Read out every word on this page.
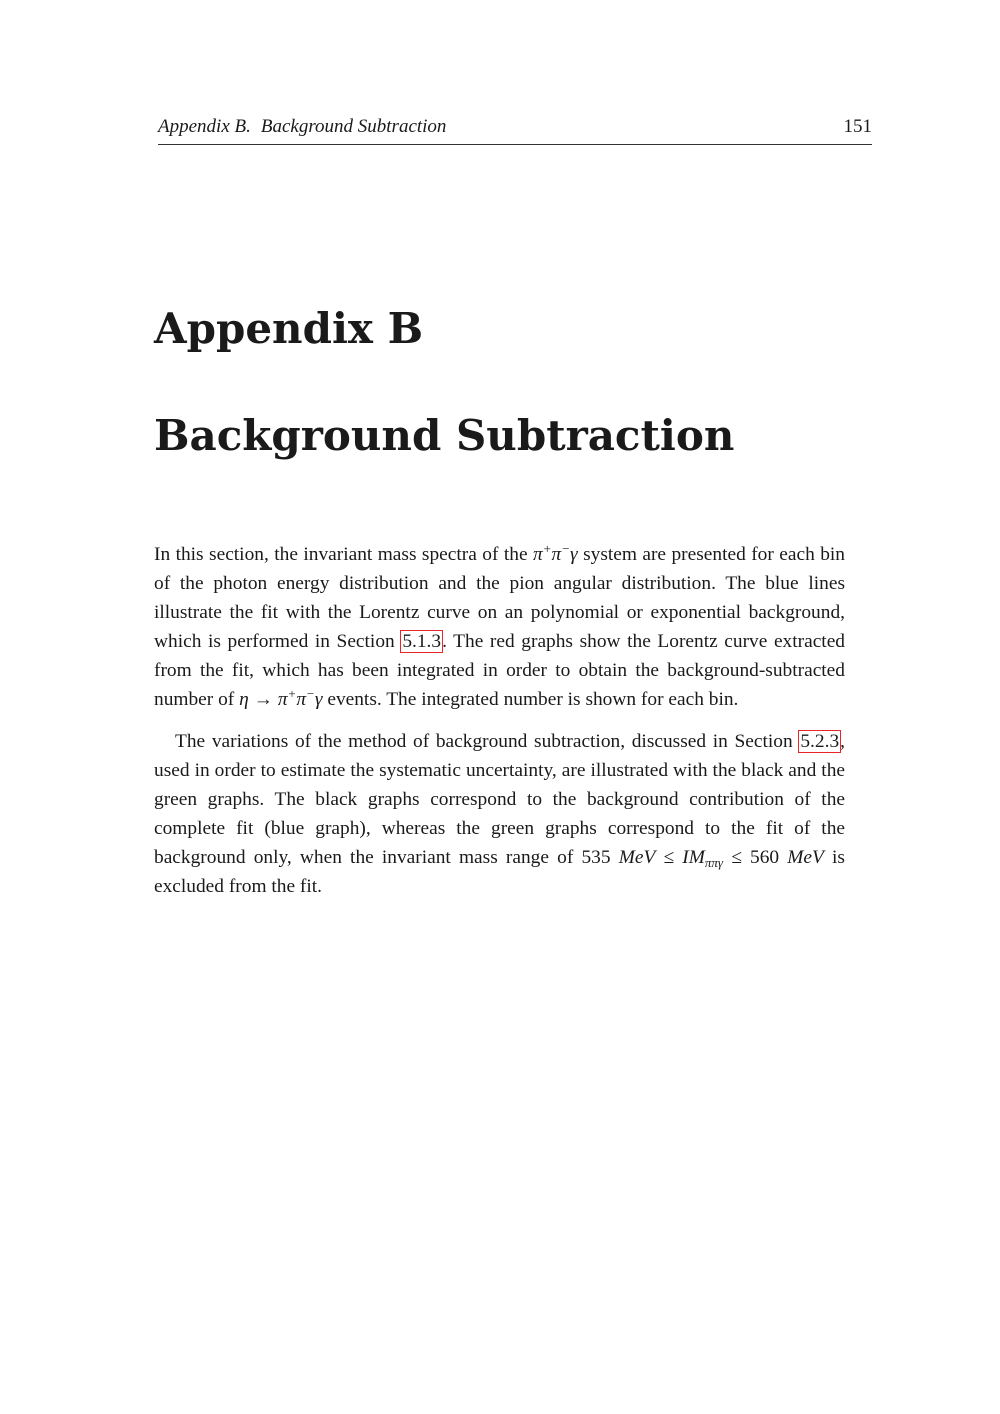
Appendix B. Background Subtraction	151
Appendix B
Background Subtraction

In this section, the invariant mass spectra of the π+π−γ system are presented for each bin of the photon energy distribution and the pion angular distribution. The blue lines illustrate the fit with the Lorentz curve on an polynomial or exponential background, which is performed in Section 5.1.3. The red graphs show the Lorentz curve extracted from the fit, which has been integrated in order to obtain the background-subtracted number of η → π+π−γ events. The integrated number is shown for each bin.

The variations of the method of background subtraction, discussed in Section 5.2.3, used in order to estimate the systematic uncertainty, are illustrated with the black and the green graphs. The black graphs correspond to the background contribution of the complete fit (blue graph), whereas the green graphs correspond to the fit of the background only, when the invariant mass range of 535 MeV ≤ $IM_{\pi\pi\gamma} \le 560$ MeV is excluded from the fit.
